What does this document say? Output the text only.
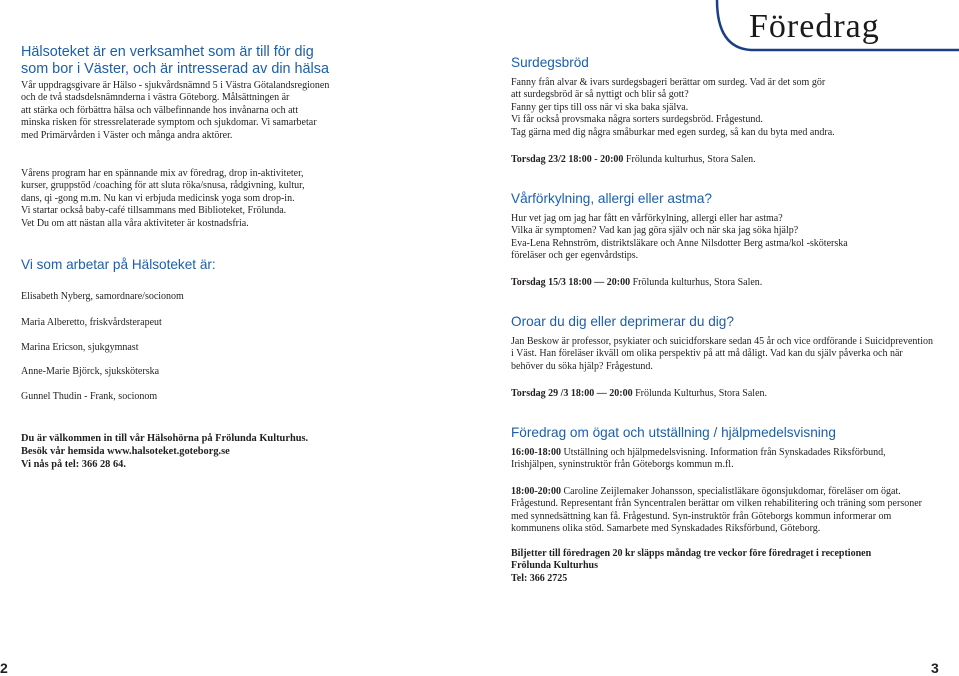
Föredrag
Hälsoteket är en verksamhet som är till för dig
som bor i Väster, och är intresserad av din hälsa
Vår uppdragsgivare är Hälso - sjukvårdsnämnd 5 i Västra Götalandsregionen
och de två stadsdelsnämnderna i västra Göteborg. Målsättningen är
att stärka och förbättra hälsa och välbefinnande hos invånarna och att
minska risken för stressrelaterade symptom och sjukdomar. Vi samarbetar
med Primärvården i Väster och många andra aktörer.
Vårens program har en spännande mix av föredrag, drop in-aktiviteter,
kurser, gruppstöd /coaching för att sluta röka/snusa, rådgivning, kultur,
dans, qi -gong m.m. Nu kan vi erbjuda medicinsk yoga som drop-in.
Vi startar också baby-café tillsammans med Biblioteket, Frölunda.
Vet Du om att nästan alla våra aktiviteter är kostnadsfria.
Vi som arbetar på Hälsoteket är:
Elisabeth Nyberg, samordnare/socionom
Maria Alberetto, friskvårdsterapeut
Marina Ericson, sjukgymnast
Anne-Marie Björck, sjuksköterska
Gunnel Thudin - Frank, socionom
Du är välkommen in till vår Hälsohörna på Frölunda Kulturhus.
Besök vår hemsida www.halsoteket.goteborg.se
Vi nås på tel: 366 28 64.
2
Surdegsbröd
Fanny från alvar & ivars surdegsbageri berättar om surdeg. Vad är det som gör
att surdegsbröd är så nyttigt och blir så gott?
Fanny ger tips till oss när vi ska baka själva.
Vi får också provsmaka några sorters surdegsbröd. Frågestund.
Tag gärna med dig några småburkar med egen surdeg, så kan du byta med andra.
Torsdag 23/2 18:00 - 20:00 Frölunda kulturhus, Stora Salen.
Vårförkylning, allergi eller astma?
Hur vet jag om jag har fått en vårförkylning, allergi eller har astma?
Vilka är symptomen? Vad kan jag göra själv och när ska jag söka hjälp?
Eva-Lena Rehnström, distriktsläkare och Anne Nilsdotter Berg astma/kol -sköterska
föreläser och ger egenvårdstips.
Torsdag 15/3 18:00 — 20:00 Frölunda kulturhus, Stora Salen.
Oroar du dig eller deprimerar du dig?
Jan Beskow är professor, psykiater och suicidforskare sedan 45 år och vice ordförande i Suicidprevention
i Väst. Han föreläser ikväll om olika perspektiv på att må dåligt. Vad kan du själv påverka och när
behöver du söka hjälp? Frågestund.
Torsdag 29 /3 18:00 — 20:00 Frölunda Kulturhus, Stora Salen.
Föredrag om ögat och utställning / hjälpmedelsvisning
16:00-18:00 Utställning och hjälpmedelsvisning. Information från Synskadades Riksförbund,
Irishjälpen, syninstruktör från Göteborgs kommun m.fl.
18:00-20:00 Caroline Zeijlemaker Johansson, specialistläkare ögonsjukdomar, föreläser om ögat.
Frågestund. Representant från Syncentralen berättar om vilken rehabilitering och träning som personer
med synnedsättning kan få. Frågestund. Syn-instruktör från Göteborgs kommun informerar om
kommunens olika stöd. Samarbete med Synskadades Riksförbund, Göteborg.
Biljetter till föredragen 20 kr släpps måndag tre veckor före föredraget i receptionen
Frölunda Kulturhus
Tel: 366 2725
3
